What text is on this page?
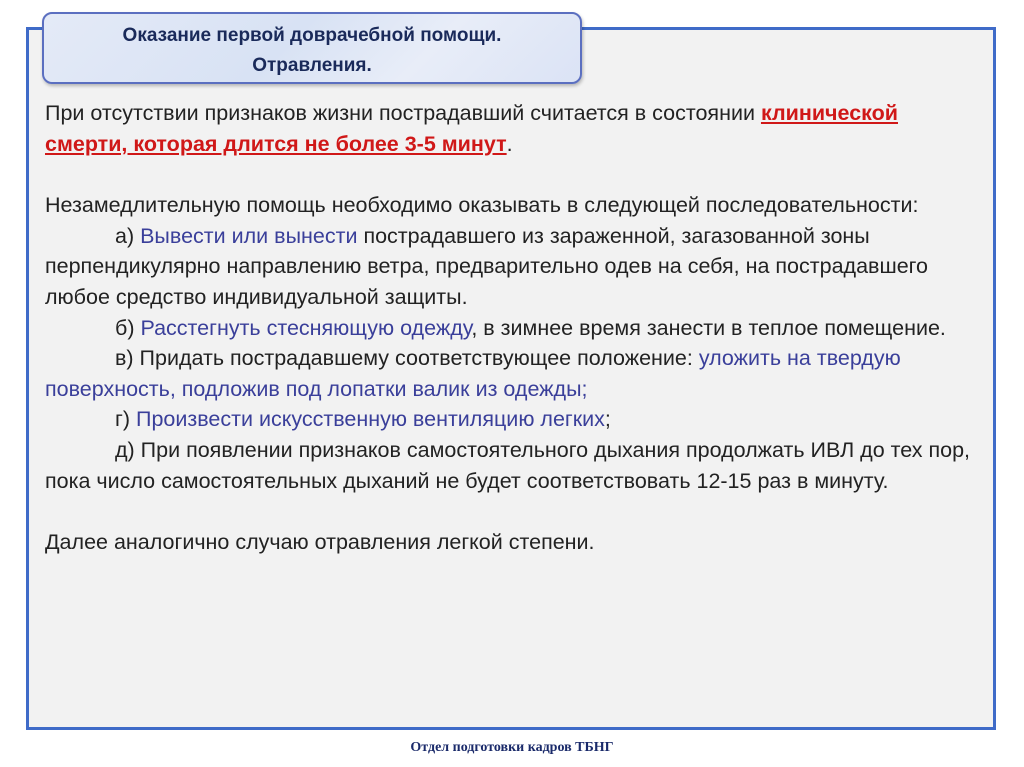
Оказание первой доврачебной помощи.
Отравления.

При отсутствии признаков жизни пострадавший считается в состоянии клинической смерти, которая длится не более 3-5 минут.

Незамедлительную помощь необходимо оказывать в следующей последовательности:

а) Вывести или вынести пострадавшего из зараженной, загазованной зоны перпендикулярно направлению ветра, предварительно одев на себя, на пострадавшего любое средство индивидуальной защиты.

б) Расстегнуть стесняющую одежду, в зимнее время занести в теплое помещение.

в) Придать пострадавшему соответствующее положение: уложить на твердую поверхность, подложив под лопатки валик из одежды;

г) Произвести искусственную вентиляцию легких;

д) При появлении признаков самостоятельного дыхания продолжать ИВЛ до тех пор, пока число самостоятельных дыханий не будет соответствовать 12-15 раз в минуту.

Далее аналогично случаю отравления легкой степени.

Отдел подготовки кадров ТБНГ
